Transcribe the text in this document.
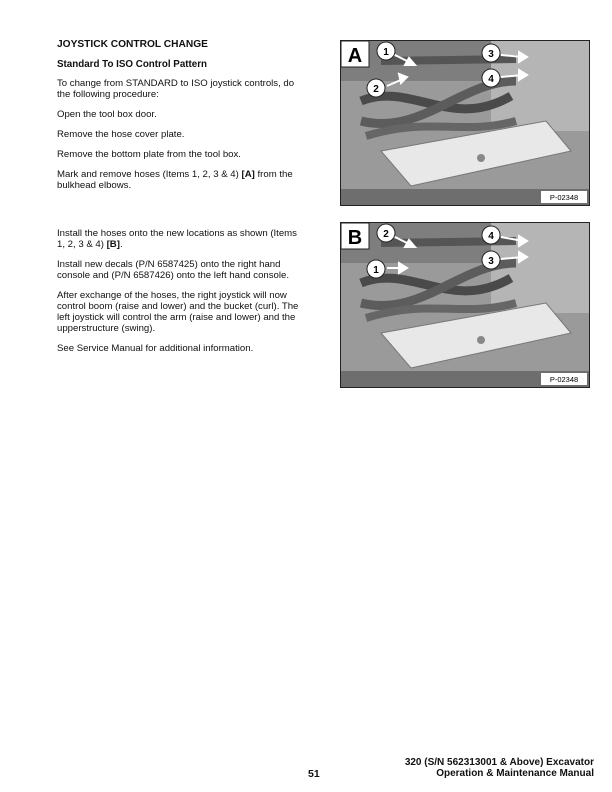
JOYSTICK CONTROL CHANGE
Standard To ISO Control Pattern

To change from STANDARD to ISO joystick controls, do the following procedure:

Open the tool box door.

Remove the hose cover plate.

Remove the bottom plate from the tool box.

Mark and remove hoses (Items 1, 2, 3 & 4) [A] from the bulkhead elbows.

Install the hoses onto the new locations as shown (Items 1, 2, 3 & 4) [B].

Install new decals (P/N 6587425) onto the right hand console and (P/N 6587426) onto the left hand console.

After exchange of the hoses, the right joystick will now control boom (raise and lower) and the bucket (curl). The left joystick will control the arm (raise and lower) and the upperstructure (swing).

See Service Manual for additional information.

A 1
2
3
4
P-02348
B 2
1
4
3
P-02348
51
320 (S/N 562313001 & Above) Excavator
Operation & Maintenance Manual
